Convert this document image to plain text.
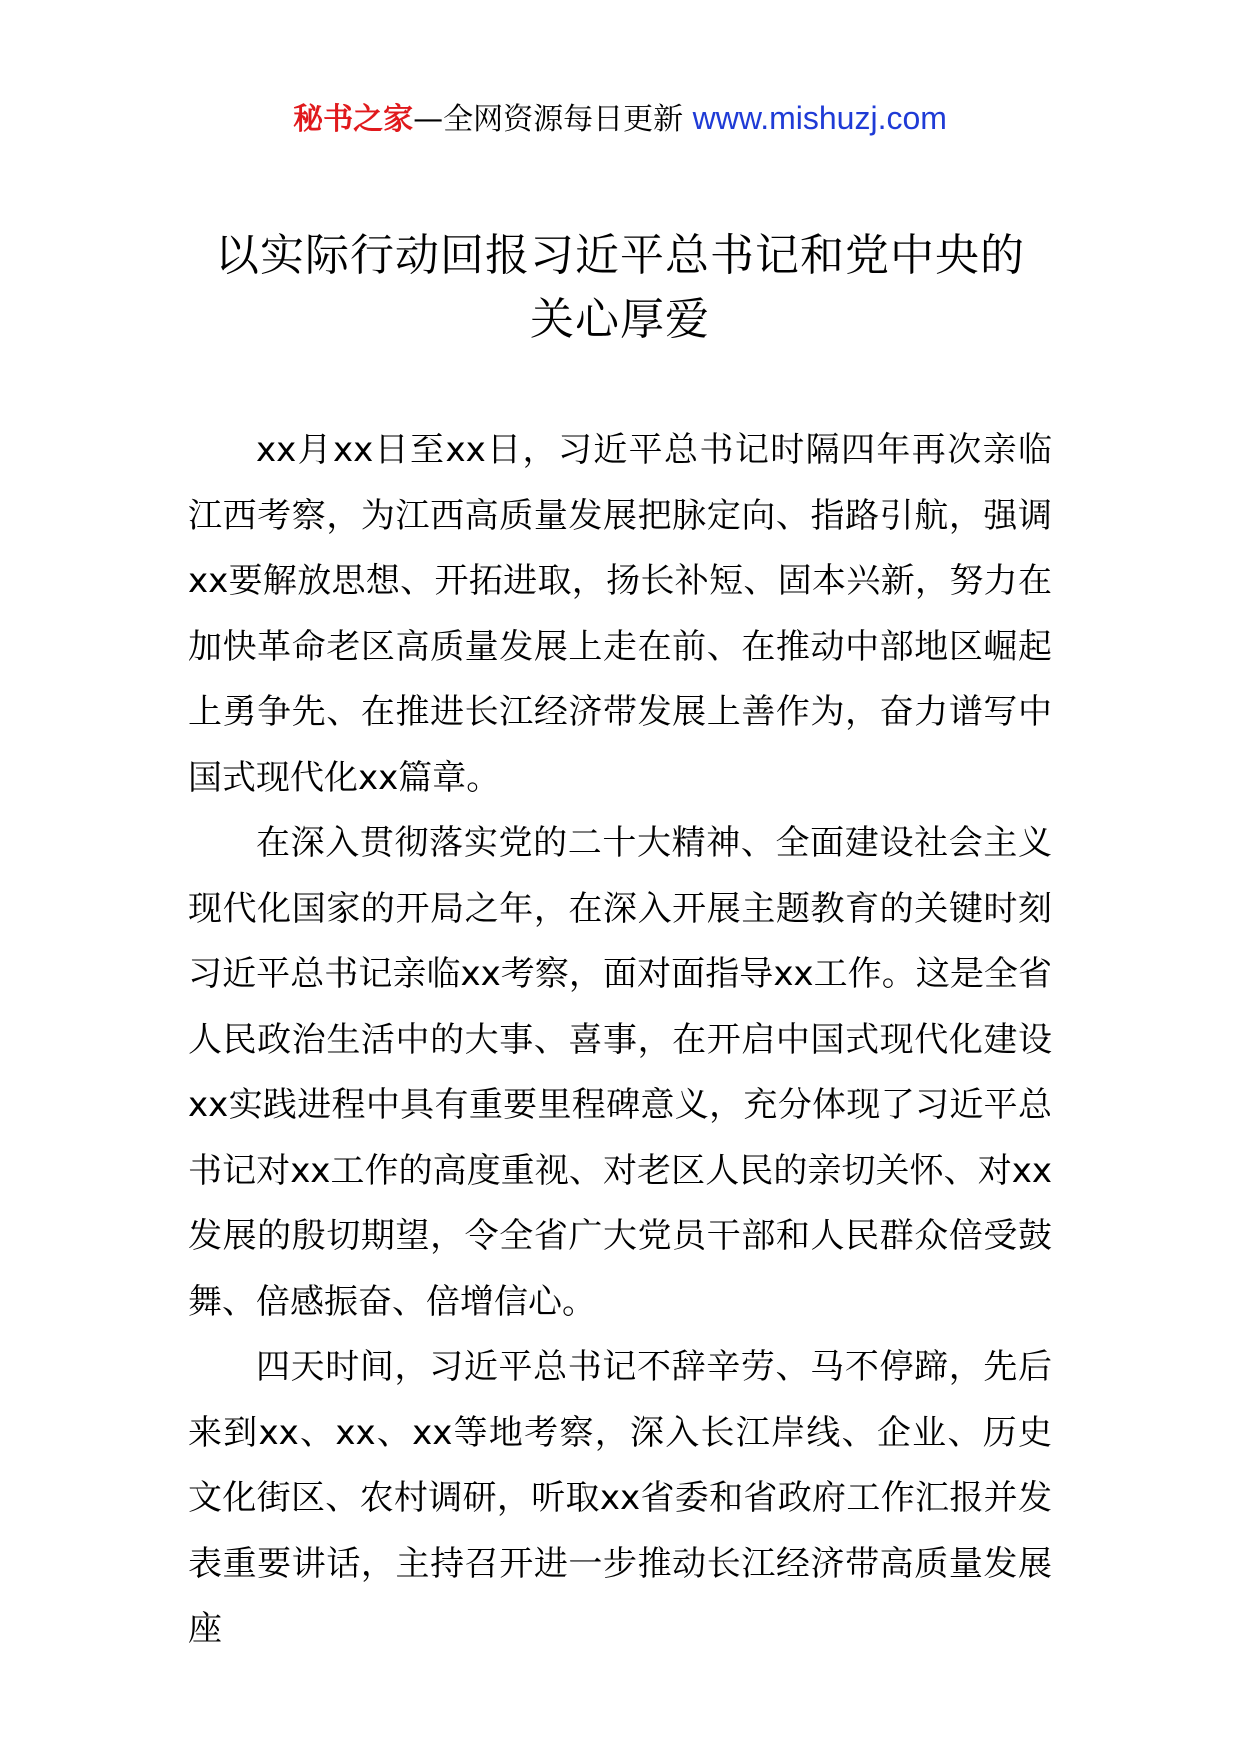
秘书之家—全网资源每日更新 www.mishuzj.com
以实际行动回报习近平总书记和党中央的
关心厚爱

xx月xx日至xx日，习近平总书记时隔四年再次亲临江西考察，为江西高质量发展把脉定向、指路引航，强调xx要解放思想、开拓进取，扬长补短、固本兴新，努力在加快革命老区高质量发展上走在前、在推动中部地区崛起上勇争先、在推进长江经济带发展上善作为，奋力谱写中国式现代化xx篇章。

在深入贯彻落实党的二十大精神、全面建设社会主义现代化国家的开局之年，在深入开展主题教育的关键时刻习近平总书记亲临xx考察，面对面指导xx工作。这是全省人民政治生活中的大事、喜事，在开启中国式现代化建设xx实践进程中具有重要里程碑意义，充分体现了习近平总书记对xx工作的高度重视、对老区人民的亲切关怀、对xx发展的殷切期望，令全省广大党员干部和人民群众倍受鼓舞、倍感振奋、倍增信心。

四天时间，习近平总书记不辞辛劳、马不停蹄，先后来到xx、xx、xx等地考察，深入长江岸线、企业、历史文化街区、农村调研，听取xx省委和省政府工作汇报并发表重要讲话，主持召开进一步推动长江经济带高质量发展座
